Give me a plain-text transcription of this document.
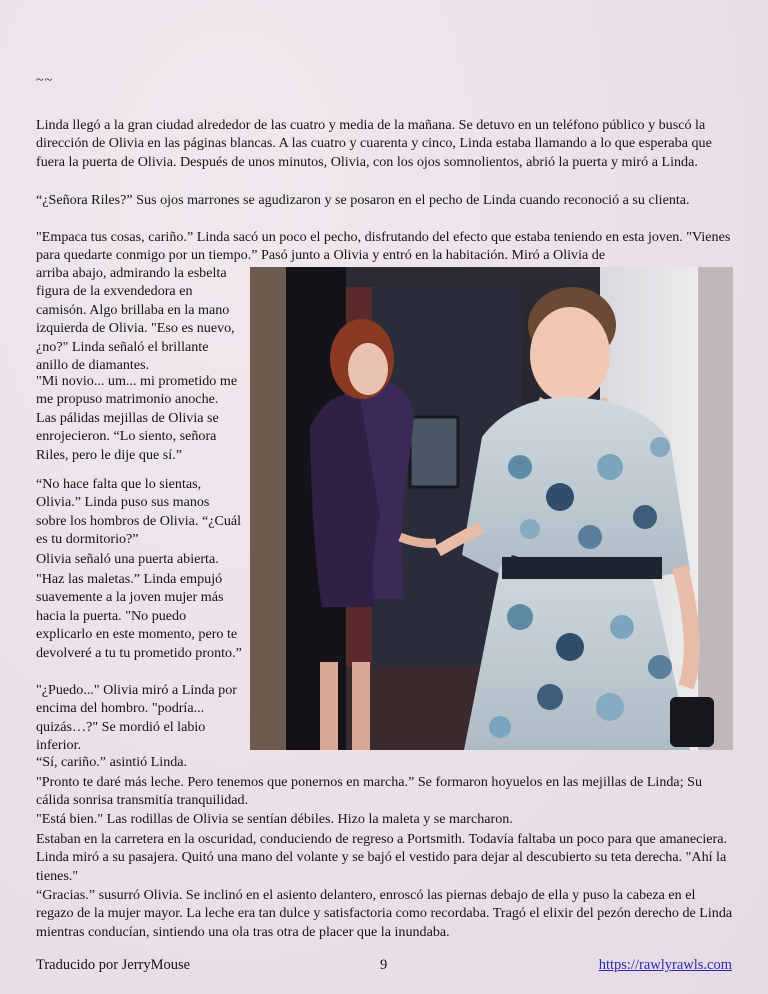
~~

Linda llegó a la gran ciudad alrededor de las cuatro y media de la mañana. Se detuvo en un teléfono público y buscó la dirección de Olivia en las páginas blancas. A las cuatro y cuarenta y cinco, Linda estaba llamando a lo que esperaba que fuera la puerta de Olivia. Después de unos minutos, Olivia, con los ojos somnolientos, abrió la puerta y miró a Linda.

“¿Señora Riles?” Sus ojos marrones se agudizaron y se posaron en el pecho de Linda cuando reconoció a su clienta.

"Empaca tus cosas, cariño.” Linda sacó un poco el pecho, disfrutando del efecto que estaba teniendo en esta joven. "Vienes para quedarte conmigo por un tiempo.” Pasó junto a Olivia y entró en la habitación. Miró a Olivia de

arriba abajo, admirando la esbelta figura de la exvendedora en camisón. Algo brillaba en la mano izquierda de Olivia. "Eso es nuevo, ¿no?" Linda señaló el brillante anillo de diamantes.

"Mi novio... um... mi prometido me me propuso matrimonio anoche. Las pálidas mejillas de Olivia se enrojecieron. “Lo siento, señora Riles, pero le dije que sí.”

“No hace falta que lo sientas, Olivia.” Linda puso sus manos sobre los hombros de Olivia. “¿Cuál es tu dormitorio?”

Olivia señaló una puerta abierta.

"Haz las maletas.” Linda empujó suavemente a la joven mujer más hacia la puerta. "No puedo explicarlo en este momento, pero te devolveré a tu tu prometido pronto.”

"¿Puedo..." Olivia miró a Linda por encima del hombro. "podría... quizás…?" Se mordió el labio inferior.

“Sí, cariño.” asintió Linda.

"Pronto te daré más leche. Pero tenemos que ponernos en marcha.” Se formaron hoyuelos en las mejillas de Linda; Su cálida sonrisa transmitía tranquilidad.

"Está bien." Las rodillas de Olivia se sentían débiles. Hizo la maleta y se marcharon.

Estaban en la carretera en la oscuridad, conduciendo de regreso a Portsmith. Todavía faltaba un poco para que amaneciera. Linda miró a su pasajera. Quitó una mano del volante y se bajó el vestido para dejar al descubierto su teta derecha. "Ahí la tienes."

“Gracias.” susurró Olivia. Se inclinó en el asiento delantero, enroscó las piernas debajo de ella y puso la cabeza en el regazo de la mujer mayor. La leche era tan dulce y satisfactoria como recordaba. Tragó el elixir del pezón derecho de Linda mientras conducían, sintiendo una ola tras otra de placer que la inundaba.

Traducido por JerryMouse	9	https://rawlyrawls.com
